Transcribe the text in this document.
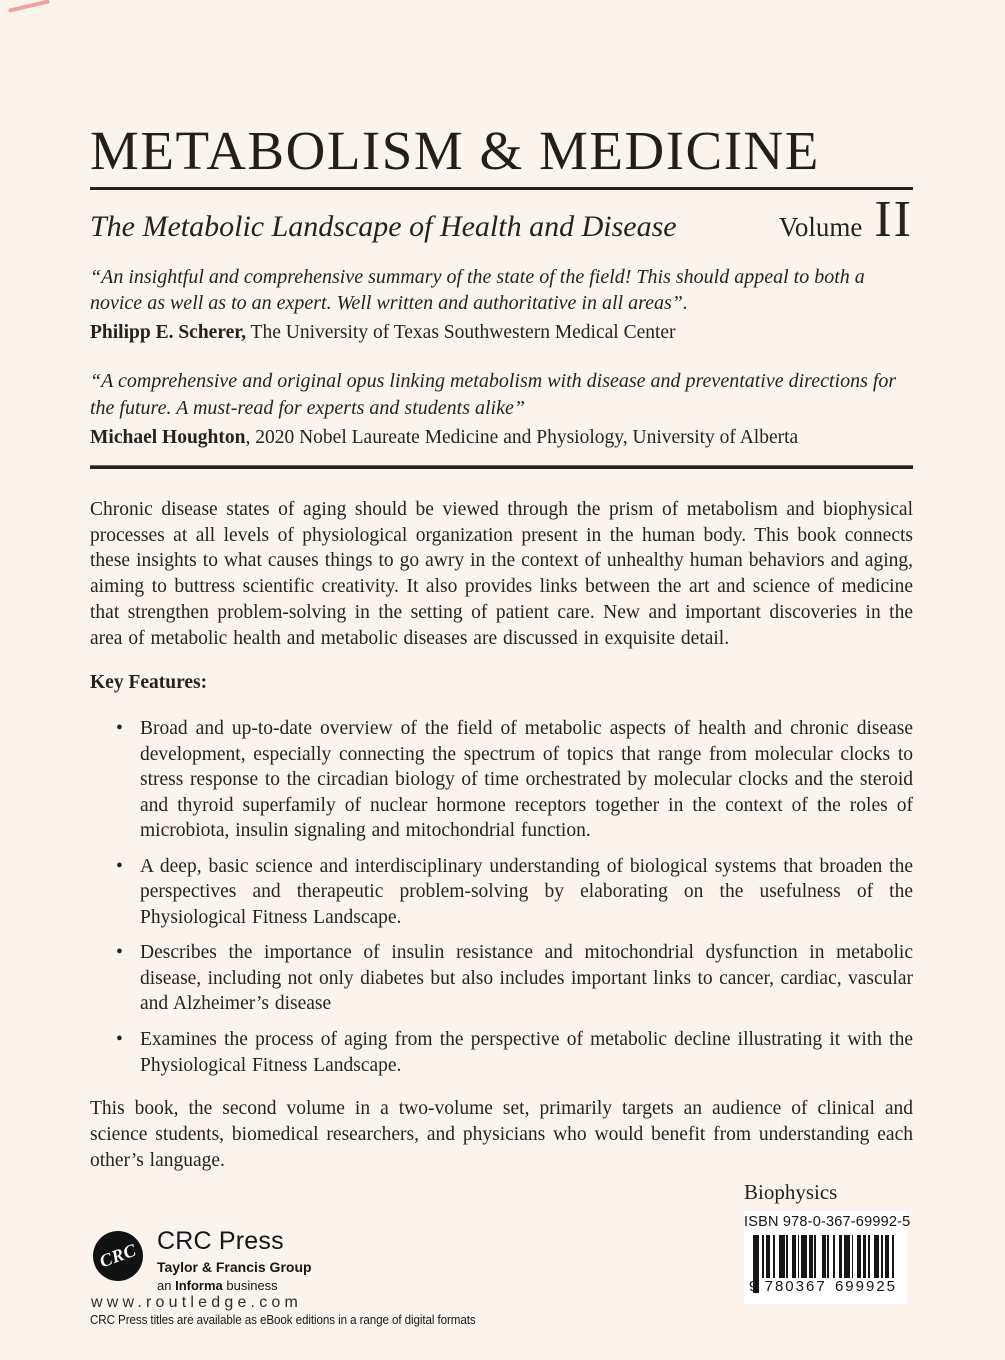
METABOLISM & MEDICINE
The Metabolic Landscape of Health and Disease	Volume II
“An insightful and comprehensive summary of the state of the field! This should appeal to both a novice as well as to an expert. Well written and authoritative in all areas”.
Philipp E. Scherer, The University of Texas Southwestern Medical Center
“A comprehensive and original opus linking metabolism with disease and preventative directions for the future. A must-read for experts and students alike”
Michael Houghton, 2020 Nobel Laureate Medicine and Physiology, University of Alberta
Chronic disease states of aging should be viewed through the prism of metabolism and biophysical processes at all levels of physiological organization present in the human body. This book connects these insights to what causes things to go awry in the context of unhealthy human behaviors and aging, aiming to buttress scientific creativity. It also provides links between the art and science of medicine that strengthen problem-solving in the setting of patient care. New and important discoveries in the area of metabolic health and metabolic diseases are discussed in exquisite detail.
Key Features:
• Broad and up-to-date overview of the field of metabolic aspects of health and chronic disease development, especially connecting the spectrum of topics that range from molecular clocks to stress response to the circadian biology of time orchestrated by molecular clocks and the steroid and thyroid superfamily of nuclear hormone receptors together in the context of the roles of microbiota, insulin signaling and mitochondrial function.
• A deep, basic science and interdisciplinary understanding of biological systems that broaden the perspectives and therapeutic problem-solving by elaborating on the usefulness of the Physiological Fitness Landscape.
• Describes the importance of insulin resistance and mitochondrial dysfunction in metabolic disease, including not only diabetes but also includes important links to cancer, cardiac, vascular and Alzheimer’s disease
• Examines the process of aging from the perspective of metabolic decline illustrating it with the Physiological Fitness Landscape.
This book, the second volume in a two-volume set, primarily targets an audience of clinical and science students, biomedical researchers, and physicians who would benefit from understanding each other’s language.
Biophysics
ISBN 978-0-367-69992-5
9 780367 699925
CRC CRC Press
Taylor & Francis Group
an Informa business
www.routledge.com
CRC Press titles are available as eBook editions in a range of digital formats
